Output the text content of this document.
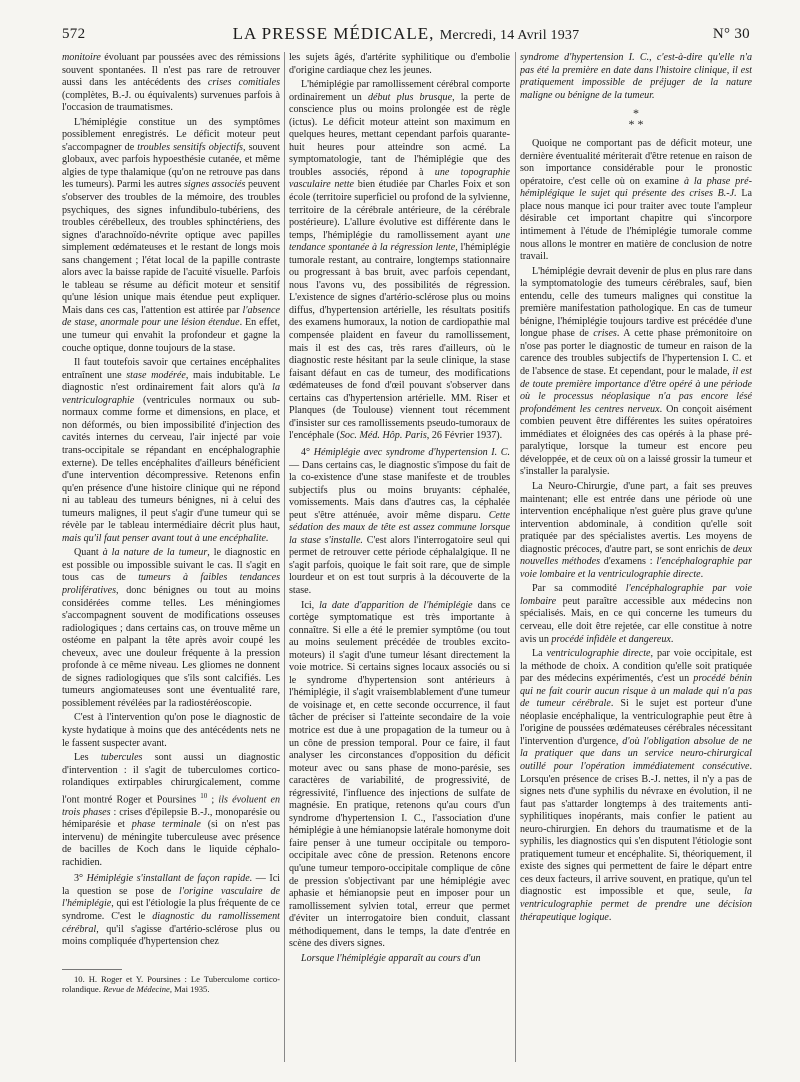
572	LA PRESSE MÉDICALE, Mercredi, 14 Avril 1937	N° 30

monitoire évoluant par poussées avec des rémissions souvent spontanées. Il n'est pas rare de retrouver aussi dans les antécédents des crises comitiales (complètes, B.-J. ou équivalents) survenues parfois à l'occasion de traumatismes.

L'hémiplégie constitue un des symptômes possiblement enregistrés. Le déficit moteur peut s'accompagner de troubles sensitifs objectifs, souvent globaux, avec parfois hypoesthésie cutanée, et même algies de type thalamique (qu'on ne retrouve pas dans les tumeurs). Parmi les autres signes associés peuvent s'observer des troubles de la mémoire, des troubles psychiques, des signes infundibulo-tubériens, des troubles cérébelleux, des troubles sphinctériens, des signes d'arachnoïdo-névrite optique avec papilles simplement œdémateuses et le restant de longs mois sans changement ; l'état local de la papille contraste alors avec la baisse rapide de l'acuité visuelle. Parfois le tableau se résume au déficit moteur et sensitif qu'une lésion unique mais étendue peut expliquer. Mais dans ces cas, l'attention est attirée par l'absence de stase, anormale pour une lésion étendue. En effet, une tumeur qui envahit la profondeur et gagne la couche optique, donne toujours de la stase.

Il faut toutefois savoir que certaines encéphalites entraînent une stase modérée, mais indubitable. Le diagnostic n'est ordinairement fait alors qu'à la ventriculographie (ventricules normaux ou sub-normaux comme forme et dimensions, en place, et non déformés, ou bien impossibilité d'injection des cavités internes du cerveau, l'air injecté par voie trans-occipitale se répandant en encéphalographie externe). De telles encéphalites d'ailleurs bénéficient d'une intervention décompressive. Retenons enfin qu'en présence d'une histoire clinique qui ne répond ni au tableau des tumeurs bénignes, ni à celui des tumeurs malignes, il peut s'agir d'une tumeur qui se révèle par le tableau intermédiaire décrit plus haut, mais qu'il faut penser avant tout à une encéphalite.

Quant à la nature de la tumeur, le diagnostic en est possible ou impossible suivant le cas. Il s'agit en tous cas de tumeurs à faibles tendances prolifératives, donc bénignes ou tout au moins considérées comme telles. Les méningiomes s'accompagnent souvent de modifications osseuses radiologiques ; dans certains cas, on trouve même un ostéome en palpant la tête après avoir coupé les cheveux, avec une douleur fréquente à la pression profonde à ce même niveau. Les gliomes ne donnent de signes radiologiques que s'ils sont calcifiés. Les tumeurs angiomateuses sont une éventualité rare, possiblement révélées par la radiostéréoscopie.

C'est à l'intervention qu'on pose le diagnostic de kyste hydatique à moins que des antécédents nets ne le fassent suspecter avant.

Les tubercules sont aussi un diagnostic d'intervention : il s'agit de tuberculomes cortico-rolandiques extirpables chirurgicalement, comme l'ont montré Roger et Poursines $^{10}$ ; ils évoluent en trois phases : crises d'épilepsie B.-J., monoparésie ou hémiparésie et phase terminale (si on n'est pas intervenu) de méningite tuberculeuse avec présence de bacilles de Koch dans le liquide céphalo-rachidien.

3° Hémiplégie s'installant de façon rapide. — Ici la question se pose de l'origine vasculaire de l'hémiplégie, qui est l'étiologie la plus fréquente de ce syndrome. C'est le diagnostic du ramollissement cérébral, qu'il s'agisse d'artério-sclérose plus ou moins compliquée d'hypertension chez

10. H. Roger et Y. Poursines : Le Tuberculome cortico-rolandique. Revue de Médecine, Mai 1935.

les sujets âgés, d'artérite syphilitique ou d'embolie d'origine cardiaque chez les jeunes.

L'hémiplégie par ramollissement cérébral comporte ordinairement un début plus brusque, la perte de conscience plus ou moins prolongée est de règle (ictus). Le déficit moteur atteint son maximum en quelques heures, mettant cependant parfois quarante-huit heures pour atteindre son acmé. La symptomatologie, tant de l'hémiplégie que des troubles associés, répond à une topographie vasculaire nette bien étudiée par Charles Foix et son école (territoire superficiel ou profond de la sylvienne, territoire de la cérébrale antérieure, de la cérébrale postérieure). L'allure évolutive est différente dans le temps, l'hémiplégie du ramollissement ayant une tendance spontanée à la régression lente, l'hémiplégie tumorale restant, au contraire, longtemps stationnaire ou progressant à bas bruit, avec parfois cependant, nous l'avons vu, des possibilités de régression. L'existence de signes d'artério-sclérose plus ou moins diffus, d'hypertension artérielle, les résultats positifs des examens humoraux, la notion de cardiopathie mal compensée plaident en faveur du ramollissement, mais il est des cas, très rares d'ailleurs, où le diagnostic reste hésitant par la seule clinique, la stase faisant défaut en cas de tumeur, des modifications œdémateuses de fond d'œil pouvant s'observer dans certains cas d'hypertension artérielle. MM. Riser et Planques (de Toulouse) viennent tout récemment d'insister sur ces ramollissements pseudo-tumoraux de l'encéphale (Soc. Méd. Hôp. Paris, 26 Février 1937).

4° Hémiplégie avec syndrome d'hypertension I. C. — Dans certains cas, le diagnostic s'impose du fait de la co-existence d'une stase manifeste et de troubles subjectifs plus ou moins bruyants: céphalée, vomissements. Mais dans d'autres cas, la céphalée peut s'être atténuée, avoir même disparu. Cette sédation des maux de tête est assez commune lorsque la stase s'installe. C'est alors l'interrogatoire seul qui permet de retrouver cette période céphalalgique. Il ne s'agit parfois, quoique le fait soit rare, que de simple lourdeur et on est tout surpris à la découverte de la stase.

Ici, la date d'apparition de l'hémiplégie dans ce cortège symptomatique est très importante à connaître. Si elle a été le premier symptôme (ou tout au moins seulement précédée de troubles excito-moteurs) il s'agit d'une tumeur lésant directement la voie motrice. Si certains signes locaux associés ou si le syndrome d'hypertension sont antérieurs à l'hémiplégie, il s'agit vraisemblablement d'une tumeur de voisinage et, en cette seconde occurrence, il faut tâcher de préciser si l'atteinte secondaire de la voie motrice est due à une propagation de la tumeur ou à un cône de pression temporal. Pour ce faire, il faut analyser les circonstances d'opposition du déficit moteur avec ou sans phase de mono-parésie, ses caractères de variabilité, de progressivité, de régressivité, l'influence des injections de sulfate de magnésie. En pratique, retenons qu'au cours d'un syndrome d'hypertension I. C., l'association d'une hémiplégie à une hémianopsie latérale homonyme doit faire penser à une tumeur occipitale ou temporo-occipitale avec cône de pression. Retenons encore qu'une tumeur temporo-occipitale complique de cône de pression s'objectivant par une hémiplégie avec aphasie et hémianopsie peut en imposer pour un ramollissement sylvien total, erreur que permet d'éviter un interrogatoire bien conduit, classant méthodiquement, dans le temps, la date d'entrée en scène des divers signes.

Lorsque l'hémiplégie apparaît au cours d'un

syndrome d'hypertension I. C., c'est-à-dire qu'elle n'a pas été la première en date dans l'histoire clinique, il est pratiquement impossible de préjuger de la nature maligne ou bénigne de la tumeur.

*
* *

Quoique ne comportant pas de déficit moteur, une dernière éventualité mériterait d'être retenue en raison de son importance considérable pour le pronostic opératoire, c'est celle où on examine à la phase pré-hémiplégique le sujet qui présente des crises B.-J. La place nous manque ici pour traiter avec toute l'ampleur désirable cet important chapitre qui s'incorpore intimement à l'étude de l'hémiplégie tumorale comme nous allons le montrer en matière de conclusion de notre travail.

L'hémiplégie devrait devenir de plus en plus rare dans la symptomatologie des tumeurs cérébrales, sauf, bien entendu, celle des tumeurs malignes qui constitue la première manifestation pathologique. En cas de tumeur bénigne, l'hémiplégie toujours tardive est précédée d'une longue phase de crises. A cette phase prémonitoire on n'ose pas porter le diagnostic de tumeur en raison de la carence des troubles subjectifs de l'hypertension I. C. et de l'absence de stase. Et cependant, pour le malade, il est de toute première importance d'être opéré à une période où le processus néoplasique n'a pas encore lésé profondément les centres nerveux. On conçoit aisément combien peuvent être différentes les suites opératoires immédiates et éloignées des cas opérés à la phase pré-paralytique, lorsque la tumeur est encore peu développée, et de ceux où on a laissé grossir la tumeur et s'installer la paralysie.

La Neuro-Chirurgie, d'une part, a fait ses preuves maintenant; elle est entrée dans une période où une intervention encéphalique n'est guère plus grave qu'une intervention abdominale, à condition qu'elle soit pratiquée par des spécialistes avertis. Les moyens de diagnostic précoces, d'autre part, se sont enrichis de deux nouvelles méthodes d'examens : l'encéphalographie par voie lombaire et la ventriculographie directe.

Par sa commodité l'encéphalographie par voie lombaire peut paraître accessible aux médecins non spécialisés. Mais, en ce qui concerne les tumeurs du cerveau, elle doit être rejetée, car elle constitue à notre avis un procédé infidèle et dangereux.

La ventriculographie directe, par voie occipitale, est la méthode de choix. A condition qu'elle soit pratiquée par des médecins expérimentés, c'est un procédé bénin qui ne fait courir aucun risque à un malade qui n'a pas de tumeur cérébrale. Si le sujet est porteur d'une néoplasie encéphalique, la ventriculographie peut être à l'origine de poussées œdémateuses cérébrales nécessitant l'intervention d'urgence, d'où l'obligation absolue de ne la pratiquer que dans un service neuro-chirurgical outillé pour l'opération immédiatement consécutive. Lorsqu'en présence de crises B.-J. nettes, il n'y a pas de signes nets d'une syphilis du névraxe en évolution, il ne faut pas s'attarder longtemps à des traitements anti-syphilitiques inopérants, mais confier le patient au neuro-chirurgien. En dehors du traumatisme et de la syphilis, les diagnostics qui s'en disputent l'étiologie sont pratiquement tumeur et encéphalite. Si, théoriquement, il existe des signes qui permettent de faire le départ entre ces deux facteurs, il arrive souvent, en pratique, qu'un tel diagnostic est impossible et que, seule, la ventriculographie permet de prendre une décision thérapeutique logique.
